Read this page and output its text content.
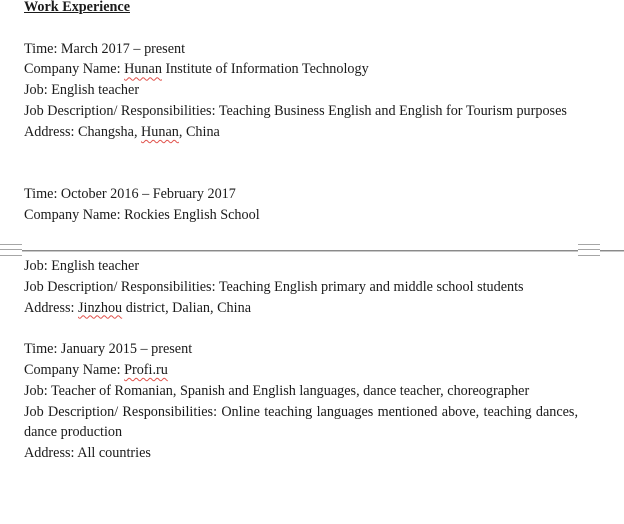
Work Experience

Time: March 2017 – present
Company Name: Hunan Institute of Information Technology
Job: English teacher
Job Description/ Responsibilities: Teaching Business English and English for Tourism purposes
Address: Changsha, Hunan, China

Time: October 2016 – February 2017
Company Name: Rockies English School
Job: English teacher
Job Description/ Responsibilities: Teaching English primary and middle school students
Address: Jinzhou district, Dalian, China

Time: January 2015 – present
Company Name: Profi.ru
Job: Teacher of Romanian, Spanish and English languages, dance teacher, choreographer
Job Description/ Responsibilities: Online teaching languages mentioned above, teaching dances, dance production
Address: All countries
